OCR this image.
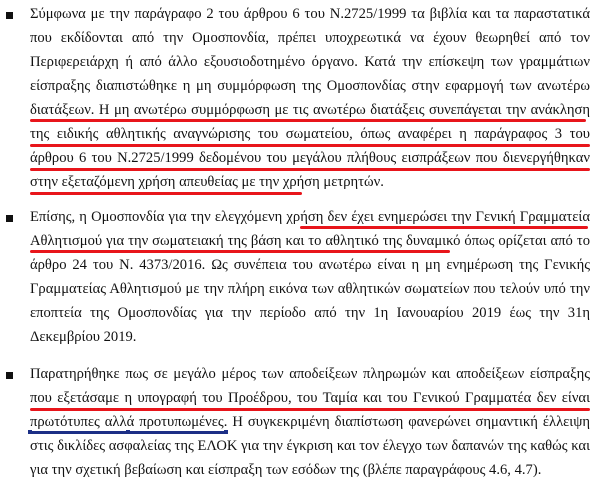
Σύμφωνα με την παράγραφο 2 του άρθρου 6 του Ν.2725/1999 τα βιβλία και τα παραστατικά
που εκδίδονται από την Ομοσπονδία, πρέπει υποχρεωτικά να έχουν θεωρηθεί από τον
Περιφερειάρχη ή από άλλο εξουσιοδοτημένο όργανο. Κατά την επίσκεψη των γραμμάτιων
είσπραξης διαπιστώθηκε η μη συμμόρφωση της Ομοσπονδίας στην εφαρμογή των ανωτέρω
διατάξεων. Η μη ανωτέρω συμμόρφωση με τις ανωτέρω διατάξεις συνεπάγεται την ανάκληση
της ειδικής αθλητικής αναγνώρισης του σωματείου, όπως αναφέρει η παράγραφος 3 του
άρθρου 6 του Ν.2725/1999 δεδομένου του μεγάλου πλήθους εισπράξεων που διενεργήθηκαν
στην εξεταζόμενη χρήση απευθείας με την χρήση μετρητών.
Επίσης, η Ομοσπονδία για την ελεγχόμενη χρήση δεν έχει ενημερώσει την Γενική Γραμματεία
Αθλητισμού για την σωματειακή της βάση και το αθλητικό της δυναμικό όπως ορίζεται από το
άρθρο 24 του Ν. 4373/2016. Ως συνέπεια του ανωτέρω είναι η μη ενημέρωση της Γενικής
Γραμματείας Αθλητισμού με την πλήρη εικόνα των αθλητικών σωματείων που τελούν υπό την
εποπτεία της Ομοσπονδίας για την περίοδο από την 1η Ιανουαρίου 2019 έως την 31η
Δεκεμβρίου 2019.
Παρατηρήθηκε πως σε μεγάλο μέρος των αποδείξεων πληρωμών και αποδείξεων είσπραξης
που εξετάσαμε η υπογραφή του Προέδρου, του Ταμία και του Γενικού Γραμματέα δεν είναι
πρωτότυπες αλλά προτυπωμένες. Η συγκεκριμένη διαπίστωση φανερώνει σημαντική έλλειψη
στις δικλίδες ασφαλείας της ΕΛΟΚ για την έγκριση και τον έλεγχο των δαπανών της καθώς και
για την σχετική βεβαίωση και είσπραξη των εσόδων της (βλέπε παραγράφους 4.6, 4.7).
